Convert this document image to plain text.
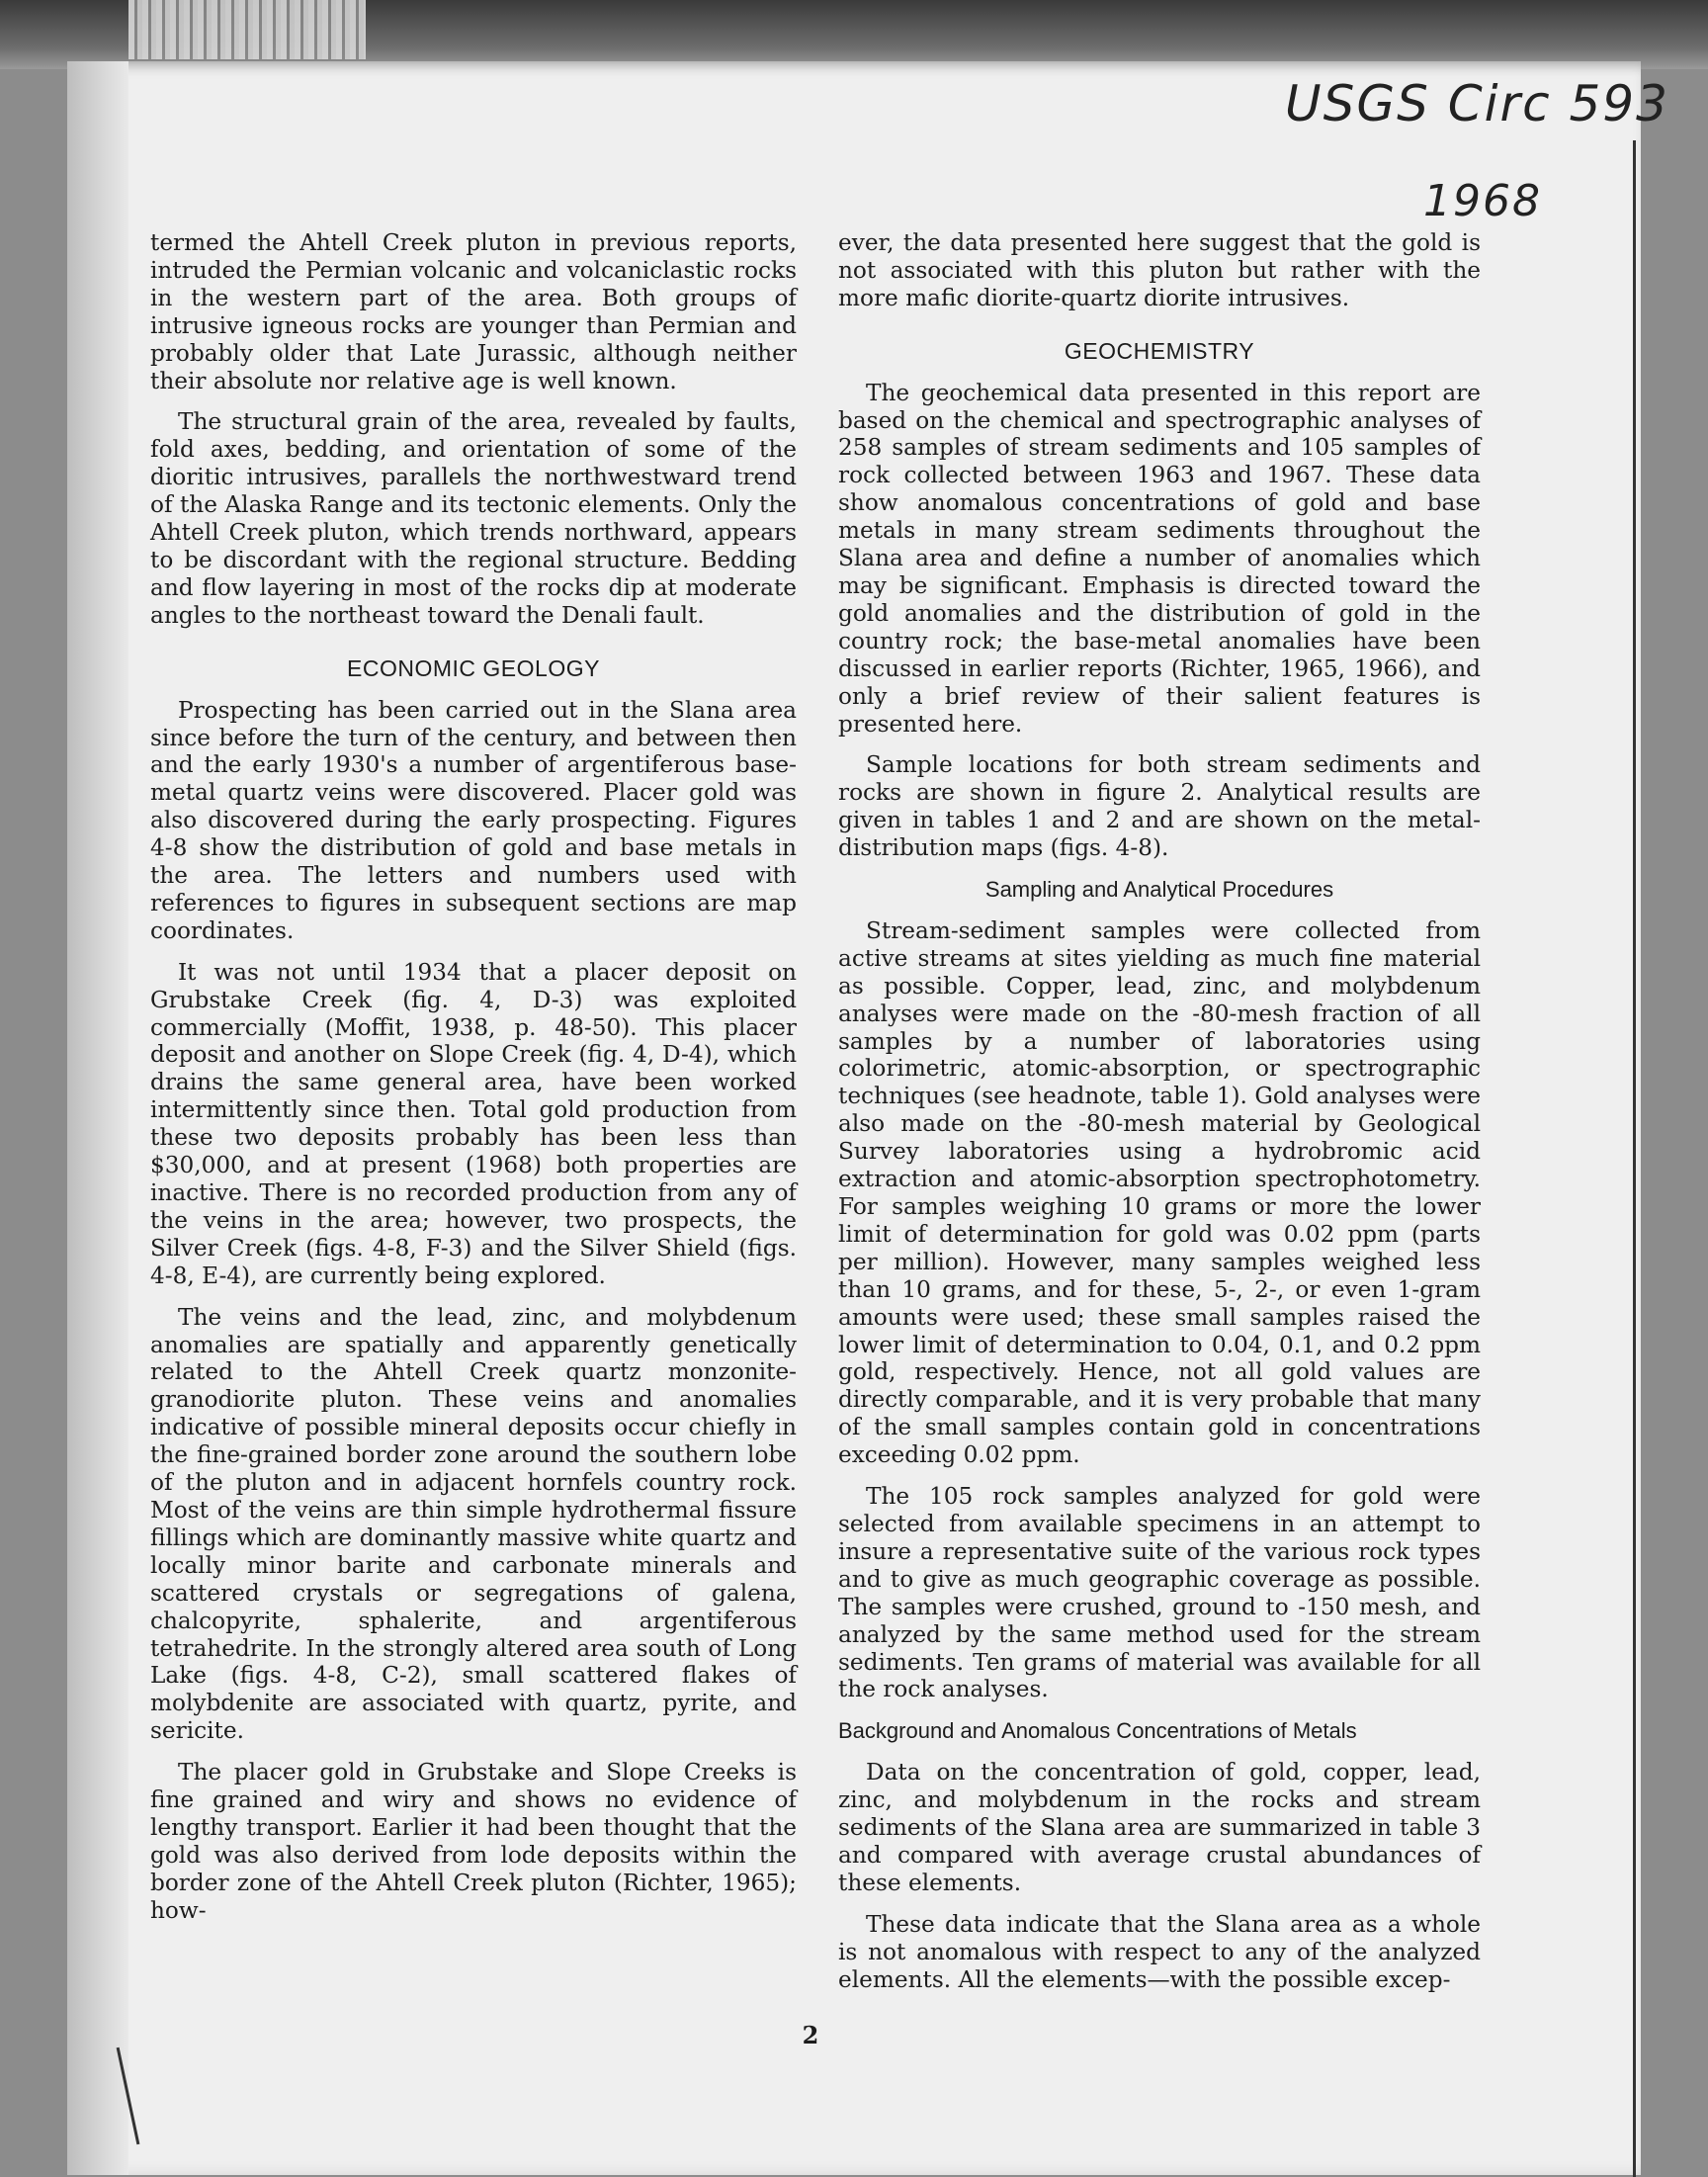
USGS Circ 593
1968

termed the Ahtell Creek pluton in previous reports, intruded the Permian volcanic and volcaniclastic rocks in the western part of the area. Both groups of intrusive igneous rocks are younger than Permian and probably older that Late Jurassic, although neither their absolute nor relative age is well known.

The structural grain of the area, revealed by faults, fold axes, bedding, and orientation of some of the dioritic intrusives, parallels the northwestward trend of the Alaska Range and its tectonic elements. Only the Ahtell Creek pluton, which trends northward, appears to be discordant with the regional structure. Bedding and flow layering in most of the rocks dip at moderate angles to the northeast toward the Denali fault.

ECONOMIC GEOLOGY

Prospecting has been carried out in the Slana area since before the turn of the century, and between then and the early 1930's a number of argentiferous base-metal quartz veins were discovered. Placer gold was also discovered during the early prospecting. Figures 4-8 show the distribution of gold and base metals in the area. The letters and numbers used with references to figures in subsequent sections are map coordinates.

It was not until 1934 that a placer deposit on Grubstake Creek (fig. 4, D-3) was exploited commercially (Moffit, 1938, p. 48-50). This placer deposit and another on Slope Creek (fig. 4, D-4), which drains the same general area, have been worked intermittently since then. Total gold production from these two deposits probably has been less than $30,000, and at present (1968) both properties are inactive. There is no recorded production from any of the veins in the area; however, two prospects, the Silver Creek (figs. 4-8, F-3) and the Silver Shield (figs. 4-8, E-4), are currently being explored.

The veins and the lead, zinc, and molybdenum anomalies are spatially and apparently genetically related to the Ahtell Creek quartz monzonite-granodiorite pluton. These veins and anomalies indicative of possible mineral deposits occur chiefly in the fine-grained border zone around the southern lobe of the pluton and in adjacent hornfels country rock. Most of the veins are thin simple hydrothermal fissure fillings which are dominantly massive white quartz and locally minor barite and carbonate minerals and scattered crystals or segregations of galena, chalcopyrite, sphalerite, and argentiferous tetrahedrite. In the strongly altered area south of Long Lake (figs. 4-8, C-2), small scattered flakes of molybdenite are associated with quartz, pyrite, and sericite.

The placer gold in Grubstake and Slope Creeks is fine grained and wiry and shows no evidence of lengthy transport. Earlier it had been thought that the gold was also derived from lode deposits within the border zone of the Ahtell Creek pluton (Richter, 1965); how-

ever, the data presented here suggest that the gold is not associated with this pluton but rather with the more mafic diorite-quartz diorite intrusives.

GEOCHEMISTRY

The geochemical data presented in this report are based on the chemical and spectrographic analyses of 258 samples of stream sediments and 105 samples of rock collected between 1963 and 1967. These data show anomalous concentrations of gold and base metals in many stream sediments throughout the Slana area and define a number of anomalies which may be significant. Emphasis is directed toward the gold anomalies and the distribution of gold in the country rock; the base-metal anomalies have been discussed in earlier reports (Richter, 1965, 1966), and only a brief review of their salient features is presented here.

Sample locations for both stream sediments and rocks are shown in figure 2. Analytical results are given in tables 1 and 2 and are shown on the metal-distribution maps (figs. 4-8).

Sampling and Analytical Procedures

Stream-sediment samples were collected from active streams at sites yielding as much fine material as possible. Copper, lead, zinc, and molybdenum analyses were made on the -80-mesh fraction of all samples by a number of laboratories using colorimetric, atomic-absorption, or spectrographic techniques (see headnote, table 1). Gold analyses were also made on the -80-mesh material by Geological Survey laboratories using a hydrobromic acid extraction and atomic-absorption spectrophotometry. For samples weighing 10 grams or more the lower limit of determination for gold was 0.02 ppm (parts per million). However, many samples weighed less than 10 grams, and for these, 5-, 2-, or even 1-gram amounts were used; these small samples raised the lower limit of determination to 0.04, 0.1, and 0.2 ppm gold, respectively. Hence, not all gold values are directly comparable, and it is very probable that many of the small samples contain gold in concentrations exceeding 0.02 ppm.

The 105 rock samples analyzed for gold were selected from available specimens in an attempt to insure a representative suite of the various rock types and to give as much geographic coverage as possible. The samples were crushed, ground to -150 mesh, and analyzed by the same method used for the stream sediments. Ten grams of material was available for all the rock analyses.

Background and Anomalous Concentrations of Metals

Data on the concentration of gold, copper, lead, zinc, and molybdenum in the rocks and stream sediments of the Slana area are summarized in table 3 and compared with average crustal abundances of these elements.

These data indicate that the Slana area as a whole is not anomalous with respect to any of the analyzed elements. All the elements—with the possible excep-

2
